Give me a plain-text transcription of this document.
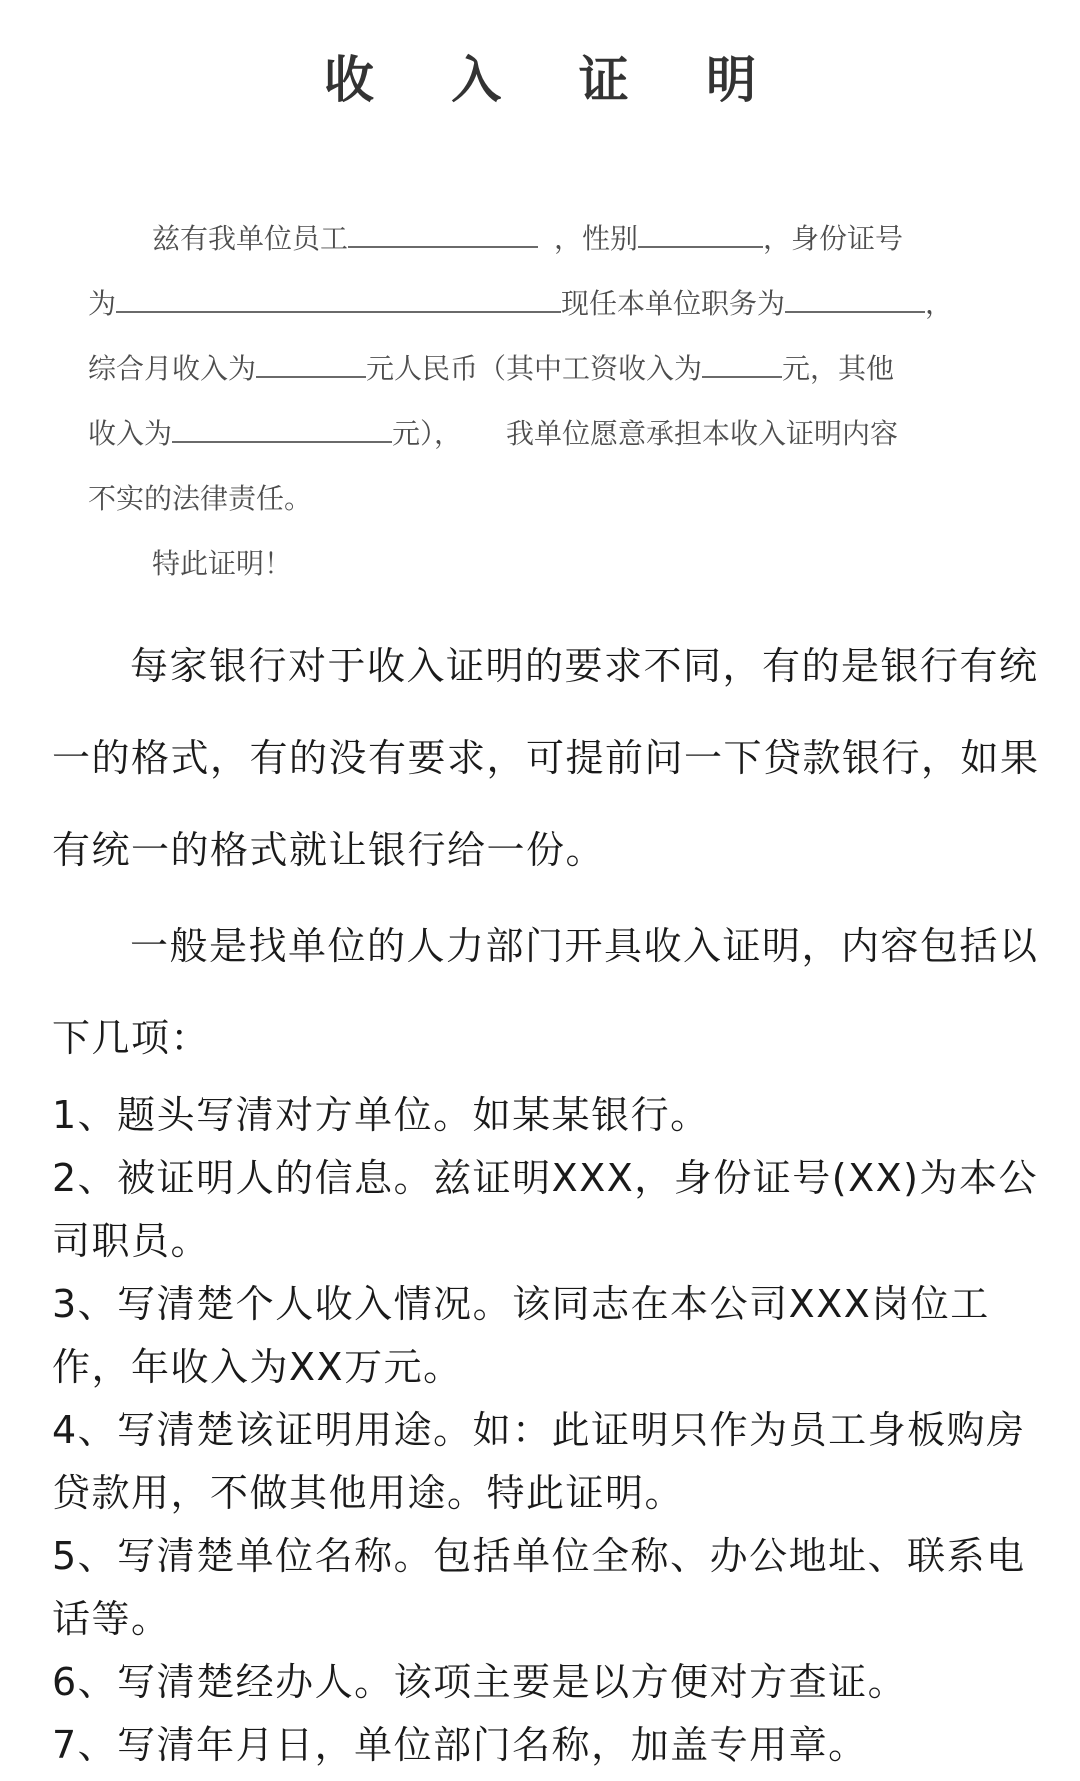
收 入 证 明
兹有我单位员工	，性别	，身份证号
为	现任本单位职务为	，
综合月收入为	元人民币（其中工资收入为	元，其他
收入为	元）， 我单位愿意承担本收入证明内容
不实的法律责任。
特此证明！

每家银行对于收入证明的要求不同，有的是银行有统一的格式，有的没有要求，可提前问一下贷款银行，如果有统一的格式就让银行给一份。

一般是找单位的人力部门开具收入证明，内容包括以下几项：

1、题头写清对方单位。如某某银行。
2、被证明人的信息。兹证明XXX，身份证号(XX)为本公司职员。
3、写清楚个人收入情况。该同志在本公司XXX岗位工作，年收入为XX万元。
4、写清楚该证明用途。如：此证明只作为员工身板购房贷款用，不做其他用途。特此证明。
5、写清楚单位名称。包括单位全称、办公地址、联系电话等。
6、写清楚经办人。该项主要是以方便对方查证。
7、写清年月日，单位部门名称，加盖专用章。
